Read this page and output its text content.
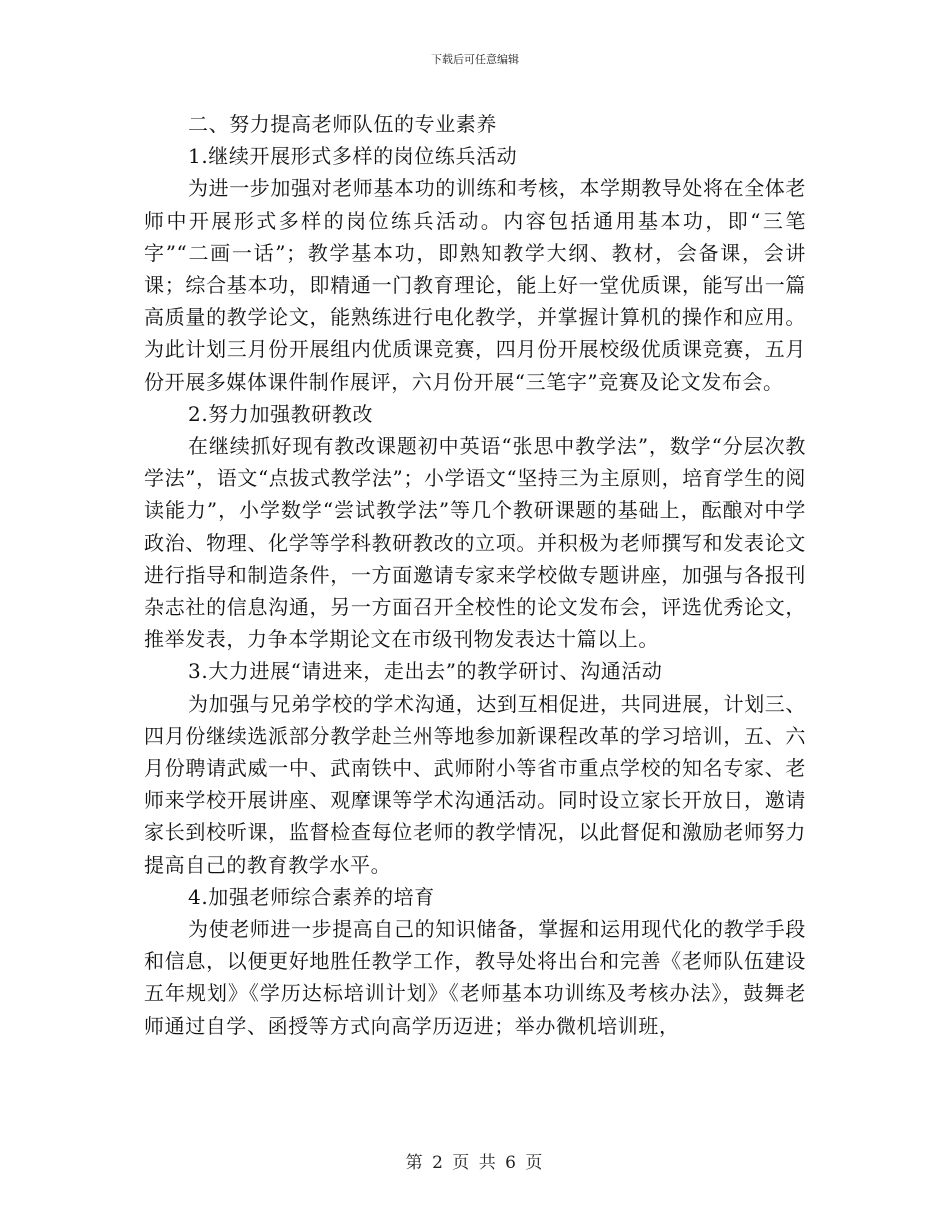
下载后可任意编辑

二、努力提高老师队伍的专业素养

1.继续开展形式多样的岗位练兵活动

为进一步加强对老师基本功的训练和考核，本学期教导处将在全体老师中开展形式多样的岗位练兵活动。内容包括通用基本功，即“三笔字”“二画一话”；教学基本功，即熟知教学大纲、教材，会备课，会讲课；综合基本功，即精通一门教育理论，能上好一堂优质课，能写出一篇高质量的教学论文，能熟练进行电化教学，并掌握计算机的操作和应用。为此计划三月份开展组内优质课竞赛，四月份开展校级优质课竞赛，五月份开展多媒体课件制作展评，六月份开展“三笔字”竞赛及论文发布会。

2.努力加强教研教改

在继续抓好现有教改课题初中英语“张思中教学法”，数学“分层次教学法”，语文“点拔式教学法”；小学语文“坚持三为主原则，培育学生的阅读能力”，小学数学“尝试教学法”等几个教研课题的基础上，酝酿对中学政治、物理、化学等学科教研教改的立项。并积极为老师撰写和发表论文进行指导和制造条件，一方面邀请专家来学校做专题讲座，加强与各报刊杂志社的信息沟通，另一方面召开全校性的论文发布会，评选优秀论文，推举发表，力争本学期论文在市级刊物发表达十篇以上。

3.大力进展“请进来，走出去”的教学研讨、沟通活动

为加强与兄弟学校的学术沟通，达到互相促进，共同进展，计划三、四月份继续选派部分教学赴兰州等地参加新课程改革的学习培训，五、六月份聘请武威一中、武南铁中、武师附小等省市重点学校的知名专家、老师来学校开展讲座、观摩课等学术沟通活动。同时设立家长开放日，邀请家长到校听课，监督检查每位老师的教学情况，以此督促和激励老师努力提高自己的教育教学水平。

4.加强老师综合素养的培育

为使老师进一步提高自己的知识储备，掌握和运用现代化的教学手段和信息，以便更好地胜任教学工作，教导处将出台和完善《老师队伍建设五年规划》《学历达标培训计划》《老师基本功训练及考核办法》，鼓舞老师通过自学、函授等方式向高学历迈进；举办微机培训班，

第 2 页 共 6 页
